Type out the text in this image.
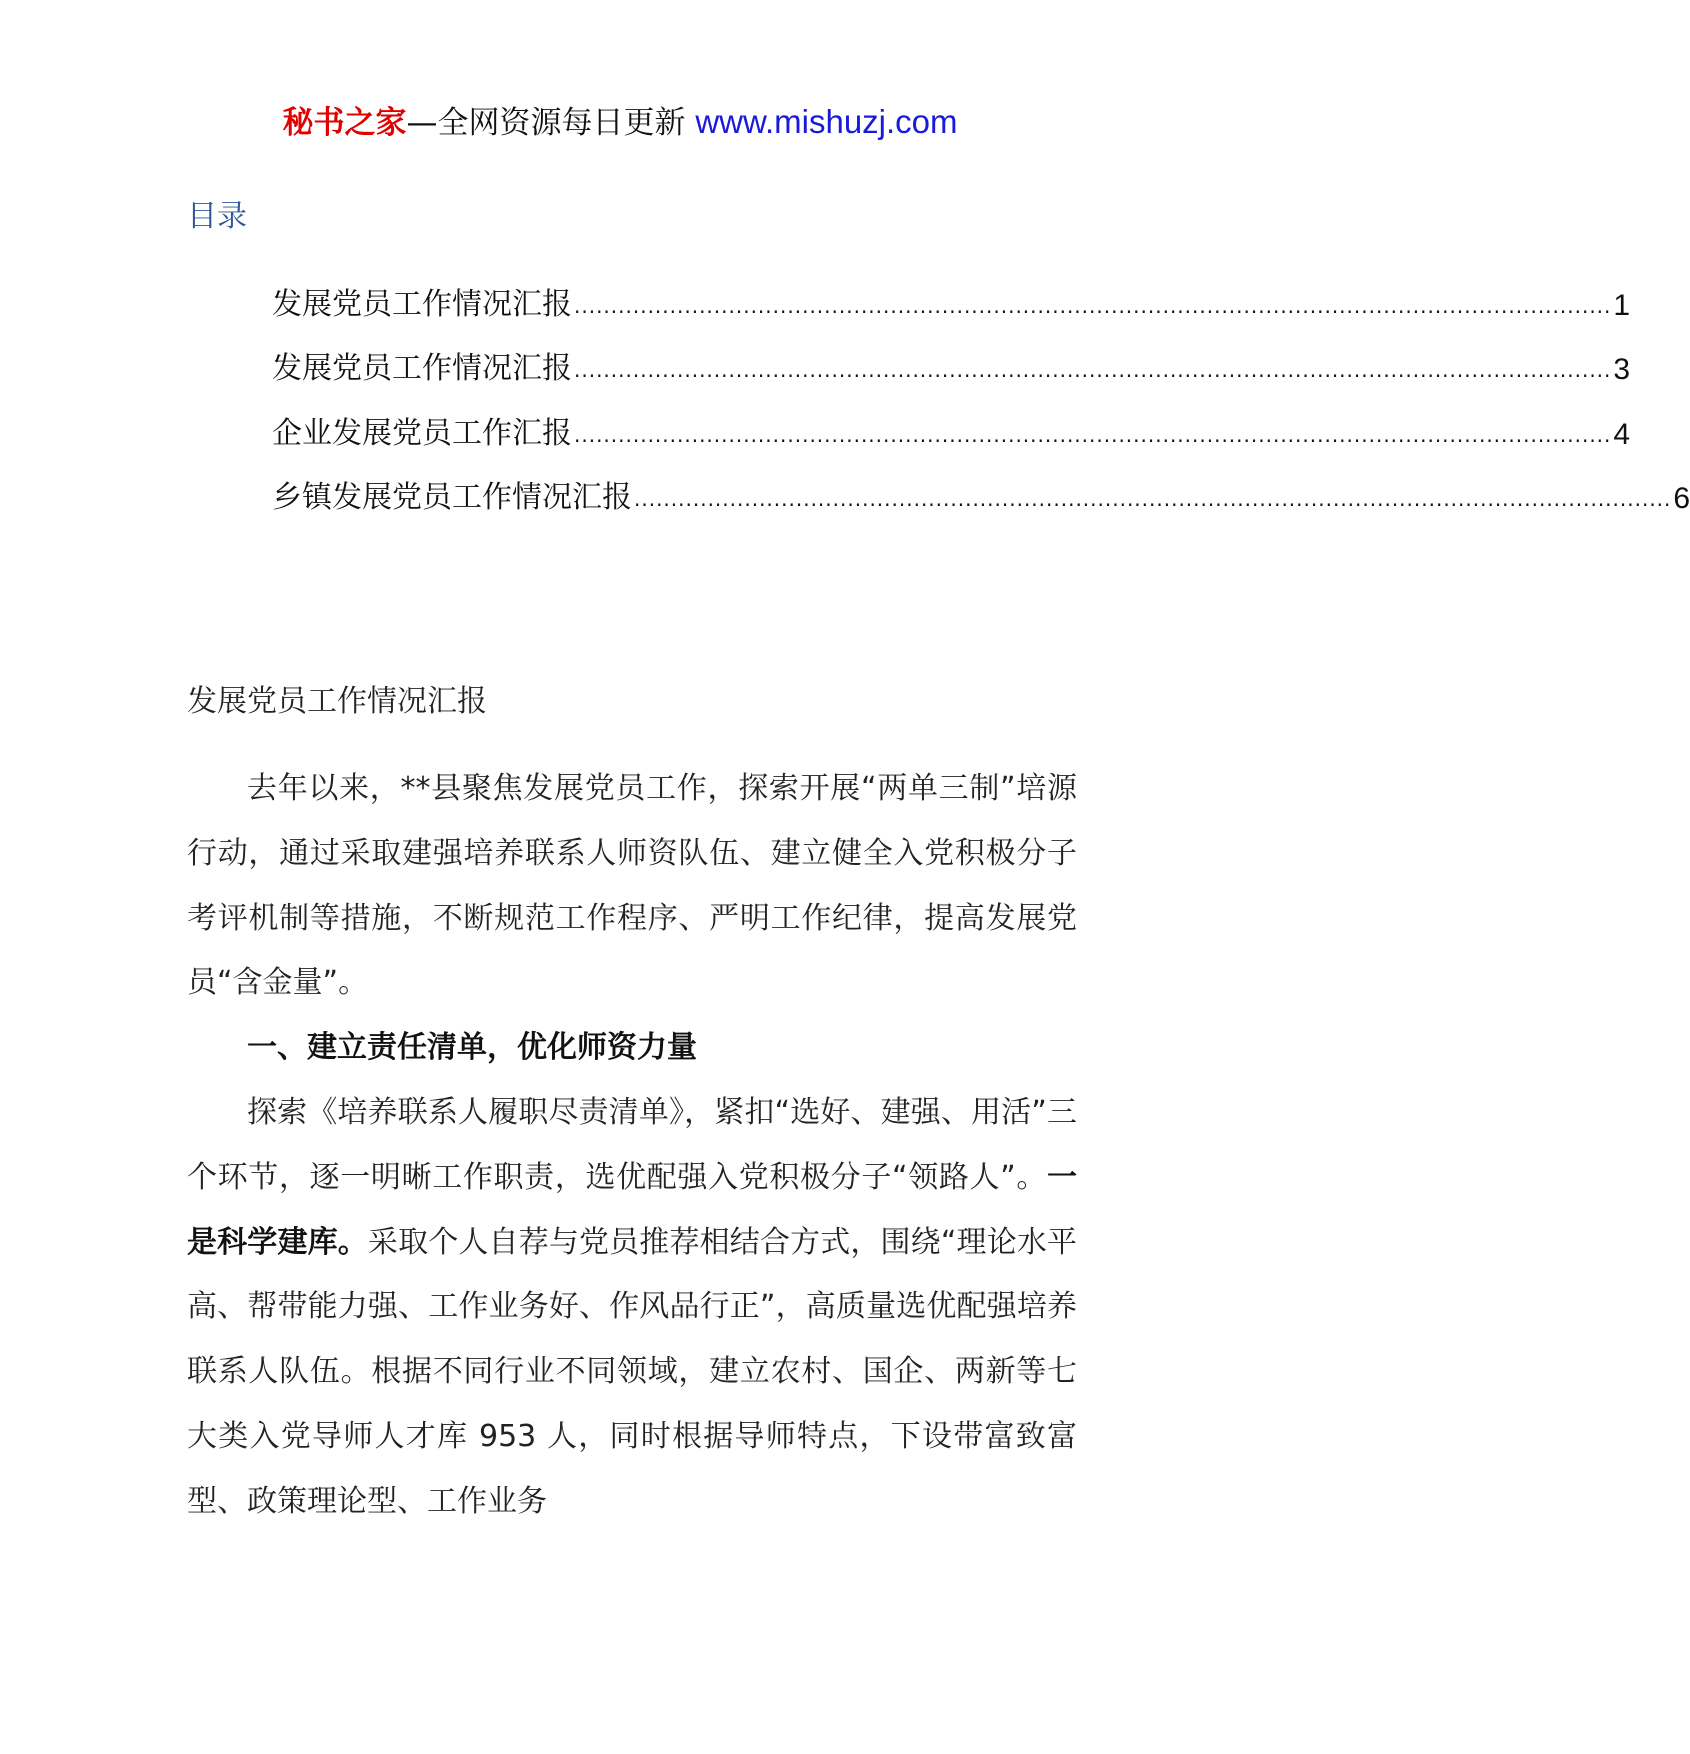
秘书之家—全网资源每日更新 www.mishuzj.com
目录
发展党员工作情况汇报 ............................................................................................................................................. 1
发展党员工作情况汇报 ............................................................................................................................................. 3
企业发展党员工作汇报 ............................................................................................................................................. 4
乡镇发展党员工作情况汇报 ............................................................................................................................................. 6
发展党员工作情况汇报

去年以来，**县聚焦发展党员工作，探索开展“两单三制”培源行动，通过采取建强培养联系人师资队伍、建立健全入党积极分子考评机制等措施，不断规范工作程序、严明工作纪律，提高发展党员“含金量”。

一、建立责任清单，优化师资力量

探索《培养联系人履职尽责清单》，紧扣“选好、建强、用活”三个环节，逐一明晰工作职责，选优配强入党积极分子“领路人”。一是科学建库。采取个人自荐与党员推荐相结合方式，围绕“理论水平高、帮带能力强、工作业务好、作风品行正”，高质量选优配强培养联系人队伍。根据不同行业不同领域，建立农村、国企、两新等七大类入党导师人才库 953 人，同时根据导师特点，下设带富致富型、政策理论型、工作业务
